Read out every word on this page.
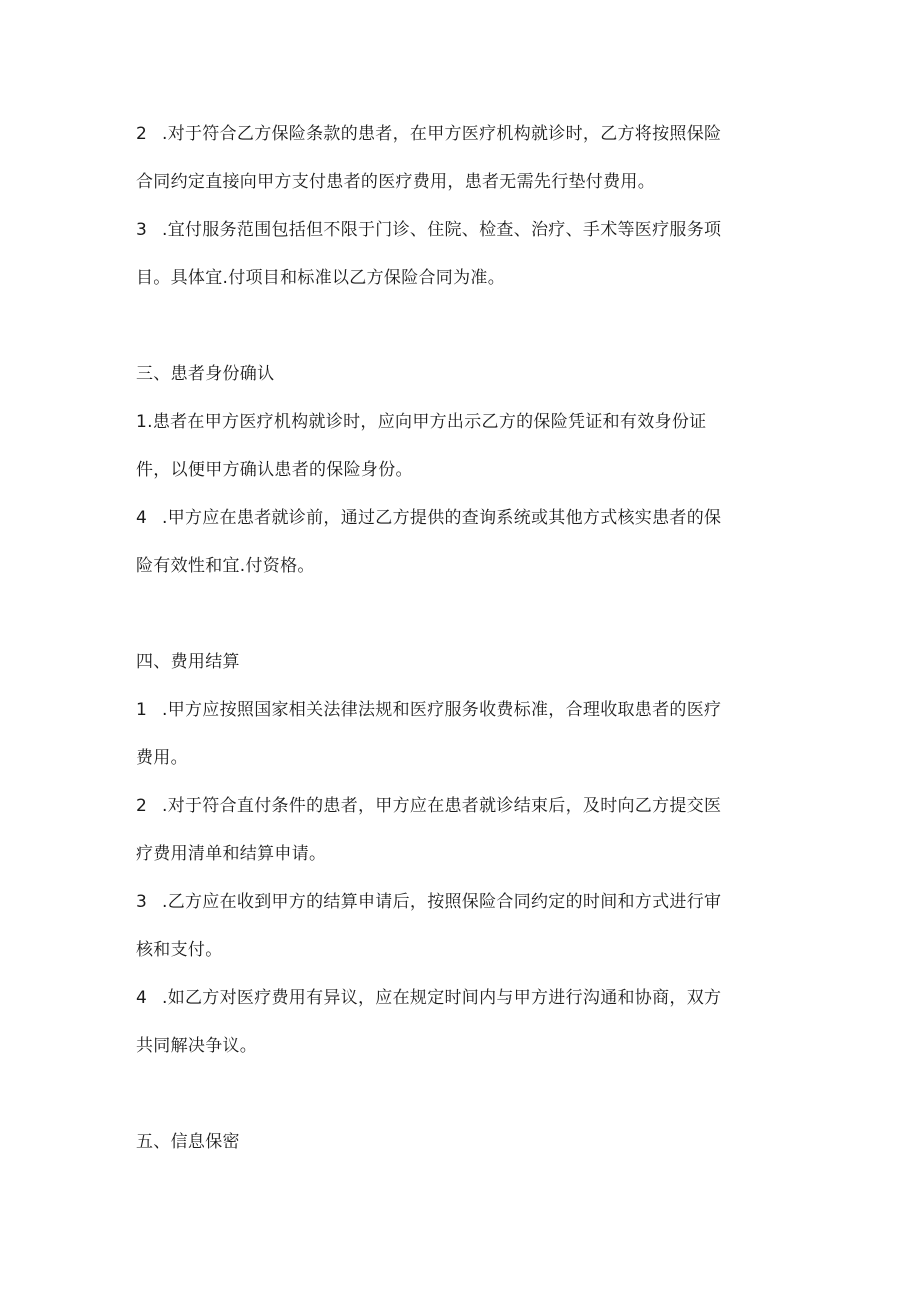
2 .对于符合乙方保险条款的患者，在甲方医疗机构就诊时，乙方将按照保险
合同约定直接向甲方支付患者的医疗费用，患者无需先行垫付费用。
3 .宜付服务范围包括但不限于门诊、住院、检查、治疗、手术等医疗服务项
目。具体宜.付项目和标准以乙方保险合同为准。
三、患者身份确认
1.患者在甲方医疗机构就诊时，应向甲方出示乙方的保险凭证和有效身份证
件，以便甲方确认患者的保险身份。
4 .甲方应在患者就诊前，通过乙方提供的查询系统或其他方式核实患者的保
险有效性和宜.付资格。
四、费用结算
1 .甲方应按照国家相关法律法规和医疗服务收费标准，合理收取患者的医疗
费用。
2 .对于符合直付条件的患者，甲方应在患者就诊结束后，及时向乙方提交医
疗费用清单和结算申请。
3 .乙方应在收到甲方的结算申请后，按照保险合同约定的时间和方式进行审
核和支付。
4 .如乙方对医疗费用有异议，应在规定时间内与甲方进行沟通和协商，双方
共同解决争议。
五、信息保密
